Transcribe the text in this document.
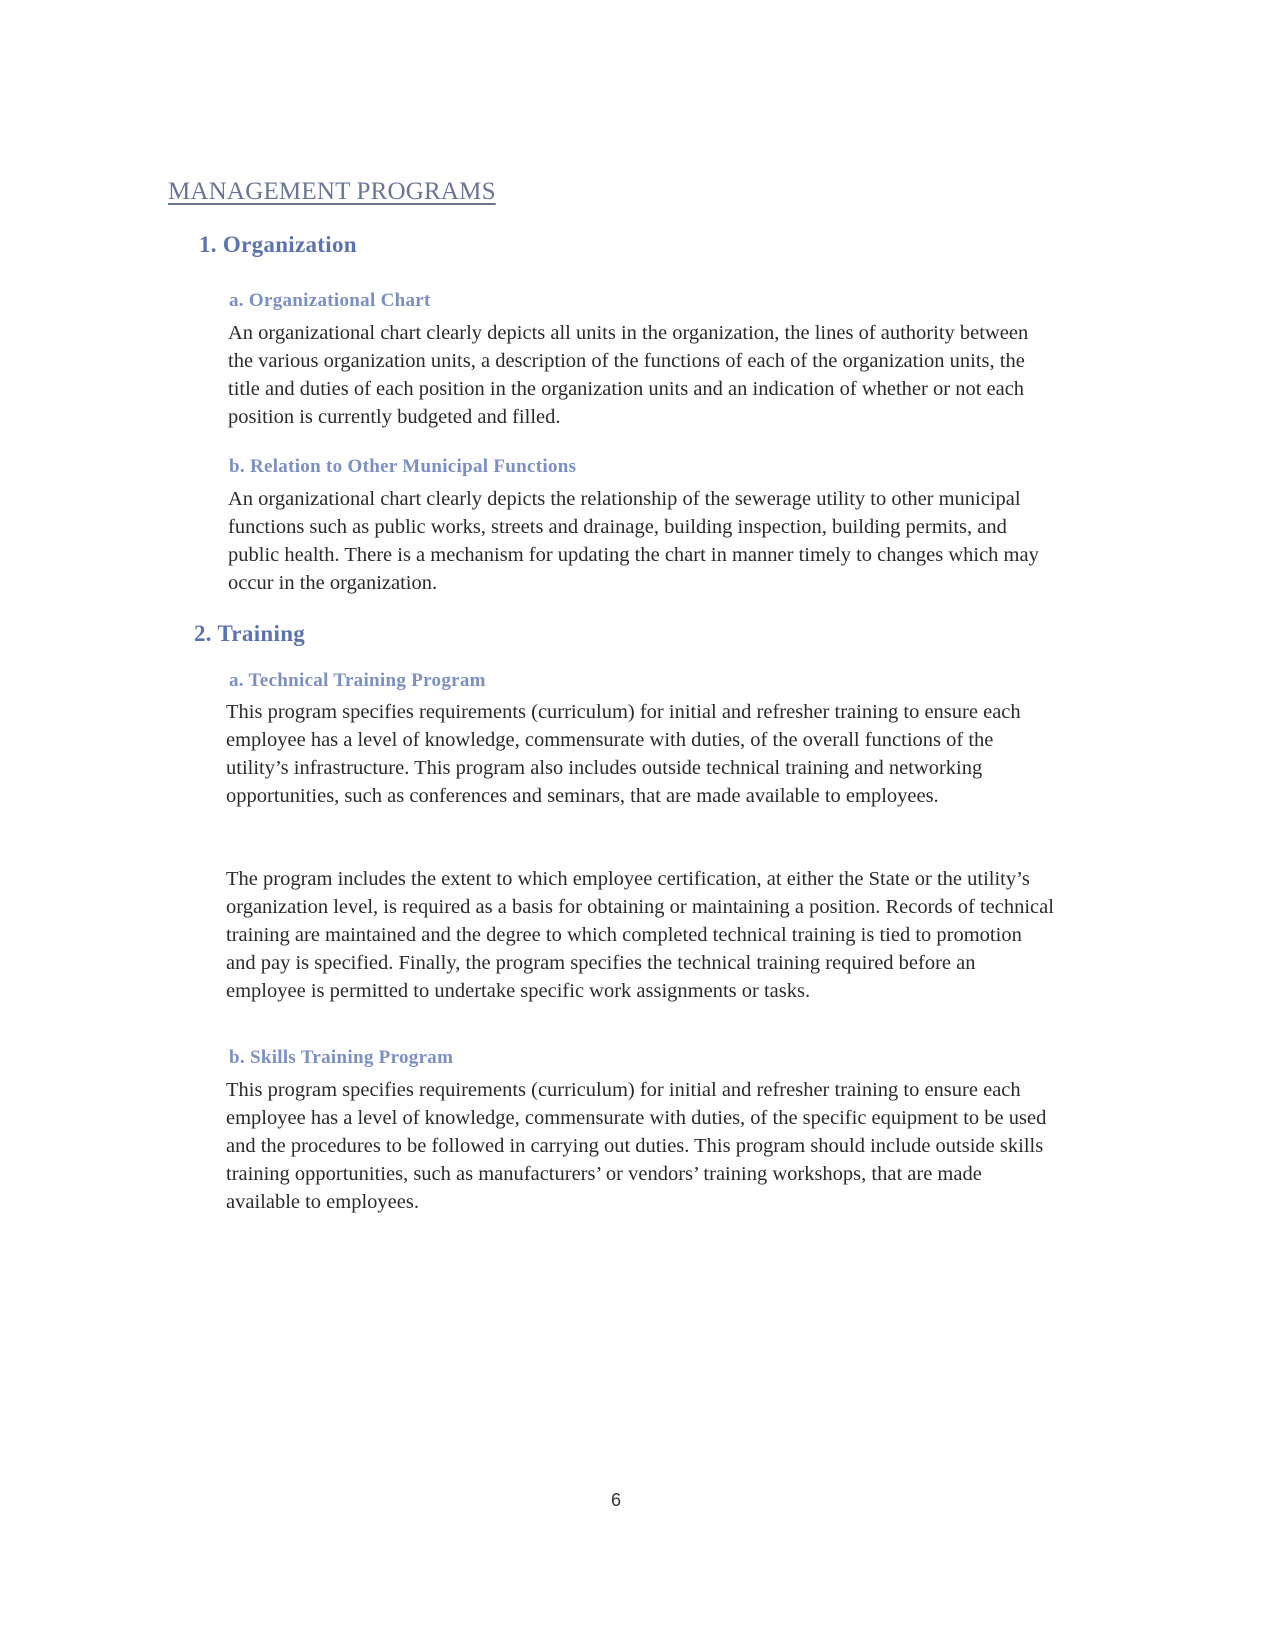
MANAGEMENT PROGRAMS
1. Organization
a. Organizational Chart

An organizational chart clearly depicts all units in the organization, the lines of authority between the various organization units, a description of the functions of each of the organization units, the title and duties of each position in the organization units and an indication of whether or not each position is currently budgeted and filled.

b. Relation to Other Municipal Functions

An organizational chart clearly depicts the relationship of the sewerage utility to other municipal functions such as public works, streets and drainage, building inspection, building permits, and public health. There is a mechanism for updating the chart in manner timely to changes which may occur in the organization.

2. Training
a. Technical Training Program

This program specifies requirements (curriculum) for initial and refresher training to ensure each employee has a level of knowledge, commensurate with duties, of the overall functions of the utility’s infrastructure. This program also includes outside technical training and networking opportunities, such as conferences and seminars, that are made available to employees.

The program includes the extent to which employee certification, at either the State or the utility’s organization level, is required as a basis for obtaining or maintaining a position. Records of technical training are maintained and the degree to which completed technical training is tied to promotion and pay is specified. Finally, the program specifies the technical training required before an employee is permitted to undertake specific work assignments or tasks.

b. Skills Training Program

This program specifies requirements (curriculum) for initial and refresher training to ensure each employee has a level of knowledge, commensurate with duties, of the specific equipment to be used and the procedures to be followed in carrying out duties. This program should include outside skills training opportunities, such as manufacturers’ or vendors’ training workshops, that are made available to employees.

6
